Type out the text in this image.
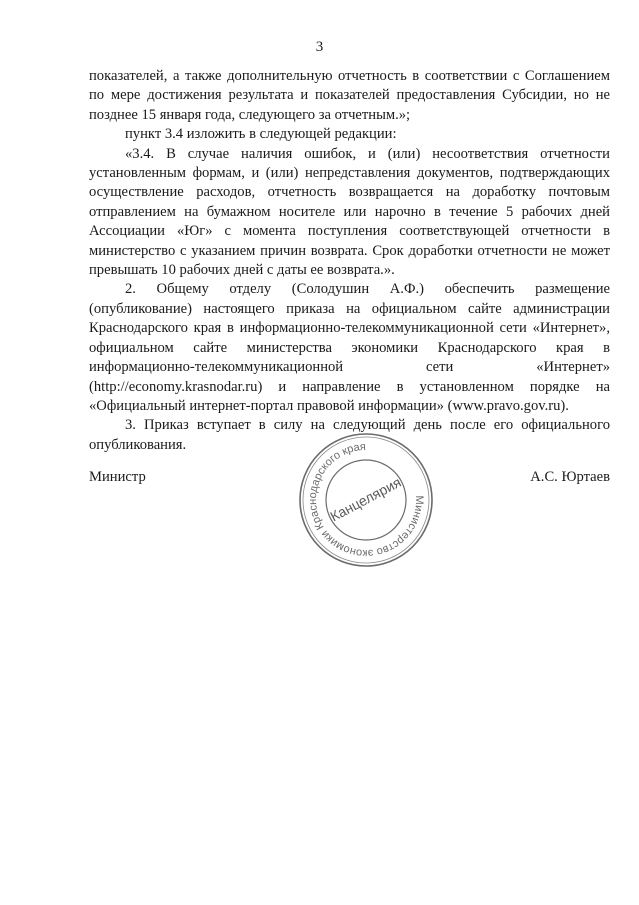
3

показателей, а также дополнительную отчетность в соответствии с Соглашением по мере достижения результата и показателей предоставления Субсидии, но не позднее 15 января года, следующего за отчетным.»;

пункт 3.4 изложить в следующей редакции:

«3.4. В случае наличия ошибок, и (или) несоответствия отчетности установленным формам, и (или) непредставления документов, подтверждающих осуществление расходов, отчетность возвращается на доработку почтовым отправлением на бумажном носителе или нарочно в течение 5 рабочих дней Ассоциации «Юг» с момента поступления соответствующей отчетности в министерство с указанием причин возврата. Срок доработки отчетности не может превышать 10 рабочих дней с даты ее возврата.».

2. Общему отделу (Солодушин А.Ф.) обеспечить размещение (опубликование) настоящего приказа на официальном сайте администрации Краснодарского края в информационно-телекоммуникационной сети «Интернет», официальном сайте министерства экономики Краснодарского края в информационно-телекоммуникационной сети «Интернет» (http://economy.krasnodar.ru) и направление в установленном порядке на «Официальный интернет-портал правовой информации» (www.pravo.gov.ru).

3. Приказ вступает в силу на следующий день после его официального опубликования.

Министр	А.С. Юртаев
Министерство экономики Краснодарского края
Канцелярия
